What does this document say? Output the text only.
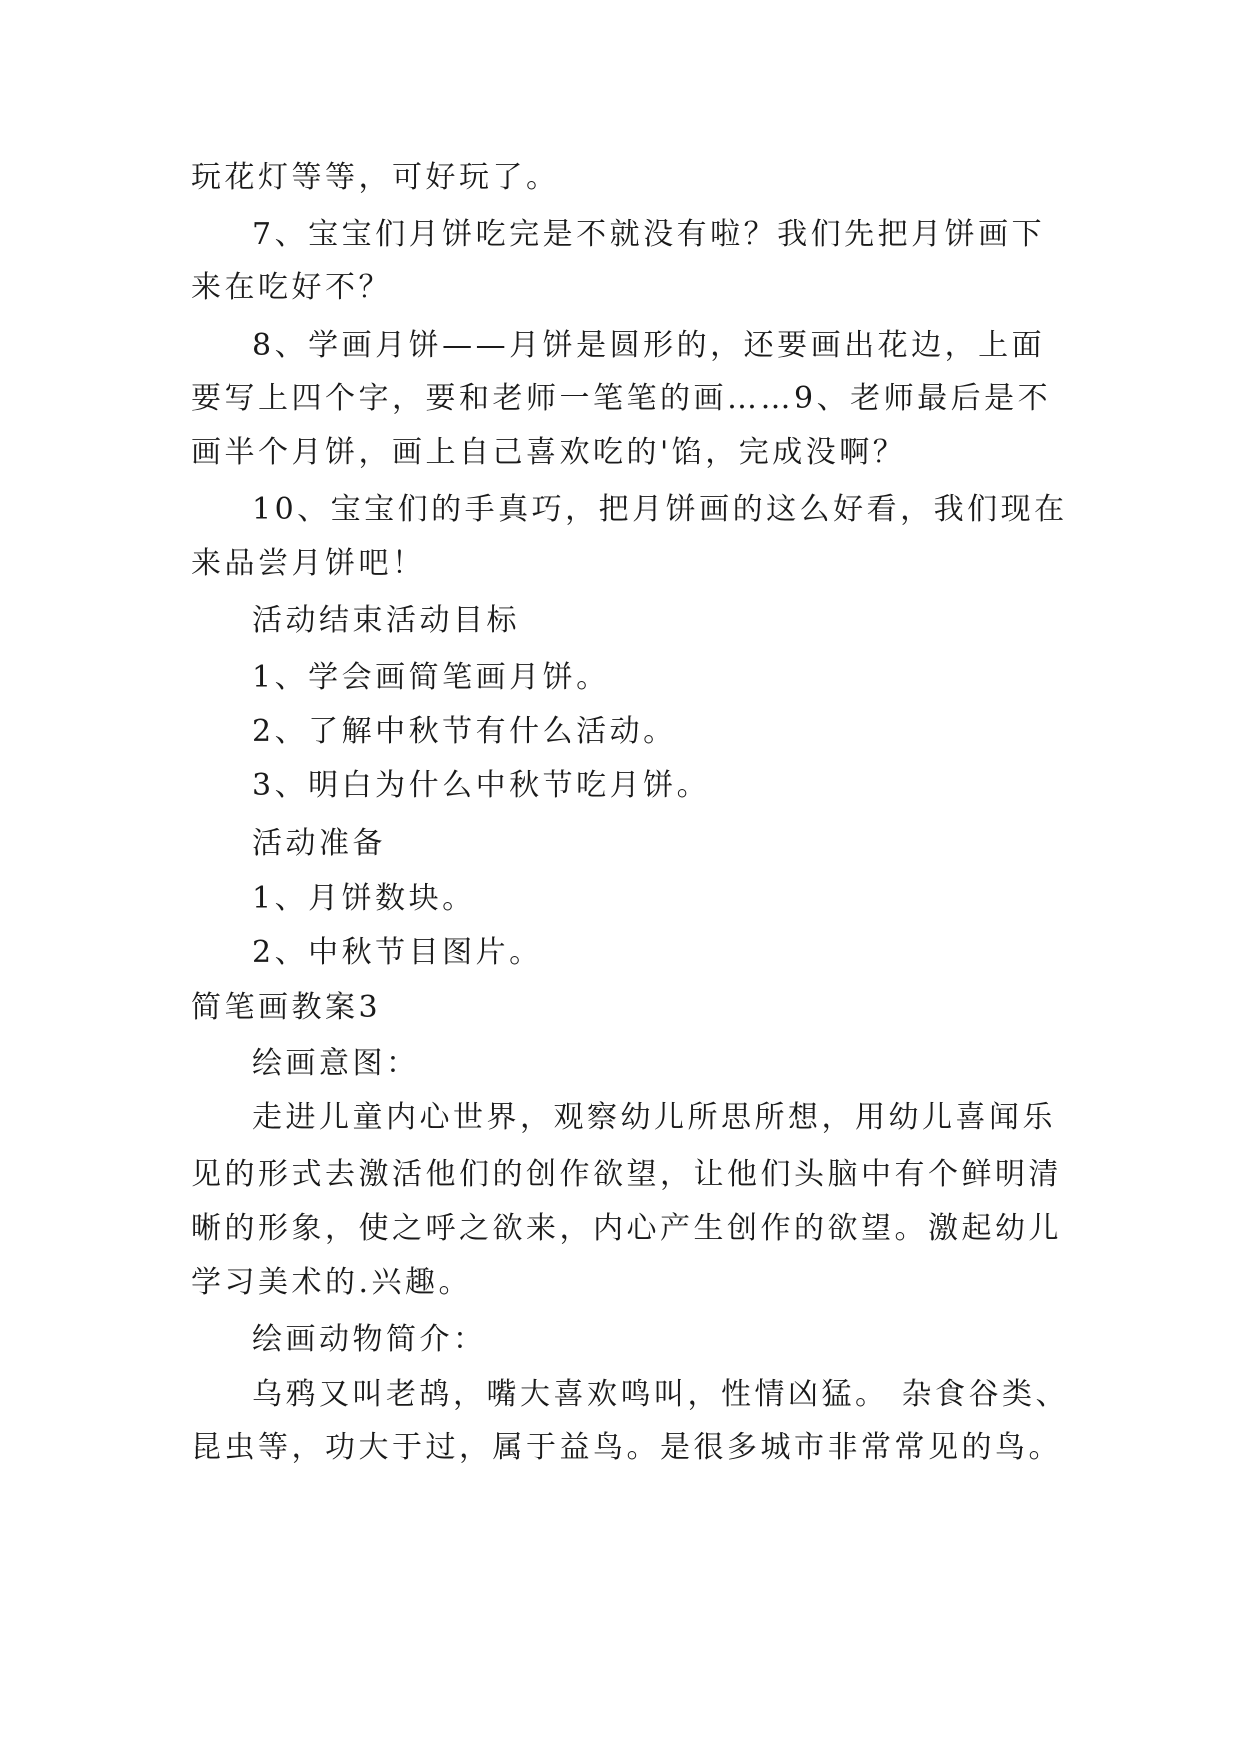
玩花灯等等，可好玩了。
7、宝宝们月饼吃完是不就没有啦？我们先把月饼画下
来在吃好不？
8、学画月饼——月饼是圆形的，还要画出花边，上面
要写上四个字，要和老师一笔笔的画……9、老师最后是不
画半个月饼，画上自己喜欢吃的'馅，完成没啊？
10、宝宝们的手真巧，把月饼画的这么好看，我们现在
来品尝月饼吧！
活动结束活动目标
1、学会画简笔画月饼。
2、了解中秋节有什么活动。
3、明白为什么中秋节吃月饼。
活动准备
1、月饼数块。
2、中秋节目图片。
简笔画教案3
绘画意图：
走进儿童内心世界，观察幼儿所思所想，用幼儿喜闻乐
见的形式去激活他们的创作欲望，让他们头脑中有个鲜明清
晰的形象，使之呼之欲来，内心产生创作的欲望。激起幼儿
学习美术的.兴趣。
绘画动物简介：
乌鸦又叫老鸪，嘴大喜欢鸣叫，性情凶猛。 杂食谷类、
昆虫等，功大于过，属于益鸟。是很多城市非常常见的鸟。
